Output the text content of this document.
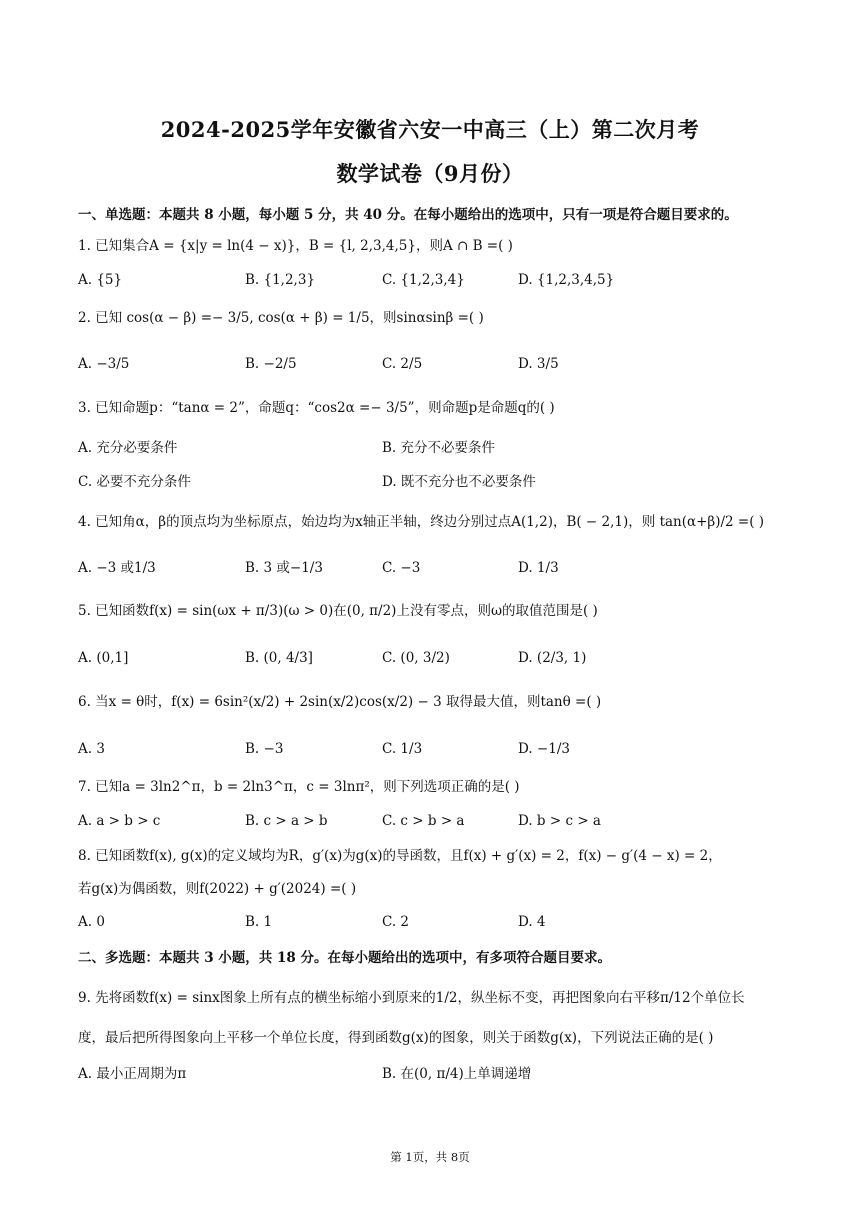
2024-2025学年安徽省六安一中高三（上）第二次月考
数学试卷（9月份）
一、单选题：本题共 8 小题，每小题 5 分，共 40 分。在每小题给出的选项中，只有一项是符合题目要求的。
1. 已知集合A = {x|y = ln(4 − x)}，B = {l, 2,3,4,5}，则A ∩ B =( )
A. {5}	B. {1,2,3}	C. {1,2,3,4}	D. {1,2,3,4,5}
2. 已知 cos(α − β) =− 3/5, cos(α + β) = 1/5，则sinαsinβ =( )
A. −3/5	B. −2/5	C. 2/5	D. 3/5
3. 已知命题p：“tanα = 2”，命题q：“cos2α =− 3/5”，则命题p是命题q的( )
A. 充分必要条件	B. 充分不必要条件
C. 必要不充分条件	D. 既不充分也不必要条件
4. 已知角α，β的顶点均为坐标原点，始边均为x轴正半轴，终边分别过点A(1,2)，B( − 2,1)，则 tan(α+β)/2 =( )
A. −3 或1/3	B. 3 或−1/3	C. −3	D. 1/3
5. 已知函数f(x) = sin(ωx + π/3)(ω > 0)在(0, π/2)上没有零点，则ω的取值范围是( )
A. (0,1]	B. (0, 4/3]	C. (0, 3/2)	D. (2/3, 1)
6. 当x = θ时，f(x) = 6sin²(x/2) + 2sin(x/2)cos(x/2) − 3 取得最大值，则tanθ =( )
A. 3	B. −3	C. 1/3	D. −1/3
7. 已知a = 3ln2^π，b = 2ln3^π，c = 3lnπ²，则下列选项正确的是( )
A. a > b > c	B. c > a > b	C. c > b > a	D. b > c > a
8. 已知函数f(x), g(x)的定义域均为R，g′(x)为g(x)的导函数，且f(x) + g′(x) = 2，f(x) − g′(4 − x) = 2，
若g(x)为偶函数，则f(2022) + g′(2024) =( )
A. 0	B. 1	C. 2	D. 4
二、多选题：本题共 3 小题，共 18 分。在每小题给出的选项中，有多项符合题目要求。
9. 先将函数f(x) = sinx图象上所有点的横坐标缩小到原来的1/2，纵坐标不变，再把图象向右平移π/12个单位长
度，最后把所得图象向上平移一个单位长度，得到函数g(x)的图象，则关于函数g(x)，下列说法正确的是( )
A. 最小正周期为π	B. 在(0, π/4)上单调递增
第 1页，共 8页
